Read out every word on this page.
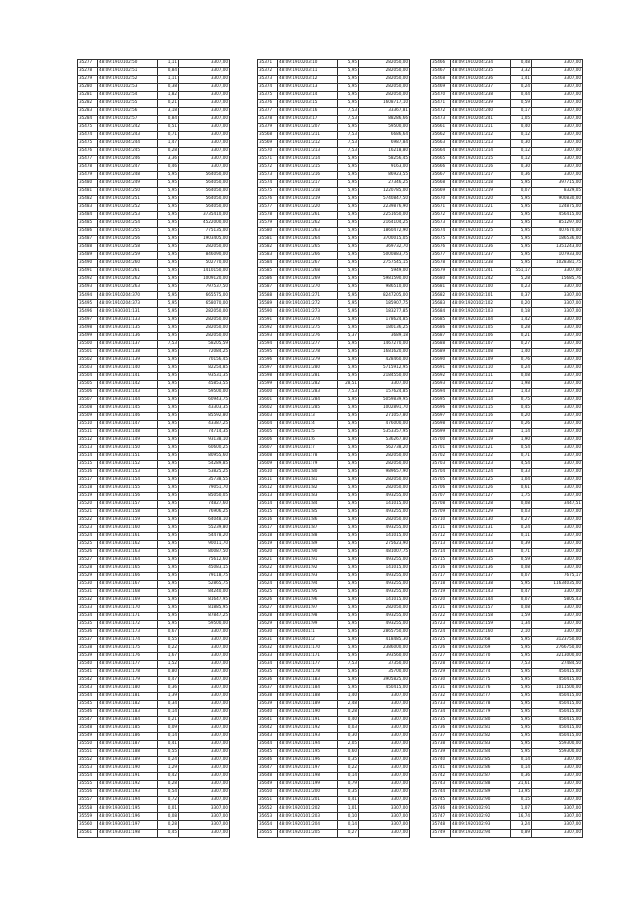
35277	48:09:1910102:50	1,11	3307,00
35278	48:09:1910102:51	0,84	3307,00
35279	48:09:1910102:52	1,11	3307,00
35280	48:09:1910102:53	0,38	3307,00
35281	48:09:1910102:54	1,82	3307,00
35282	48:09:1910102:55	0,21	3307,00
35283	48:09:1910102:56	3,18	3307,00
35284	48:09:1910102:57	0,84	3307,00
35475	48:09:1910204:242	0,51	3307,00
35474	48:09:1910204:243	0,71	3307,00
35475	48:09:1910204:244	1,47	3307,00
35476	48:09:1910204:245	0,28	3307,00
35477	48:09:1910204:246	3,36	3307,00
35478	48:09:1910204:247	0,46	3307,00
35479	48:09:1910204:248	5,95	564050,00
35480	48:09:1910204:249	5,95	564050,00
35481	48:09:1910204:250	5,95	564050,00
35482	48:09:1910204:251	5,95	564050,00
35483	48:09:1910204:252	5,95	564050,00
35484	48:09:1910204:253	5,95	3735410,00
35485	48:09:1910204:254	5,95	4522000,00
35486	48:09:1910204:255	5,95	775135,00
35487	48:09:1910204:256	5,95	1903405,00
35488	48:09:1910204:258	5,95	282050,00
35489	48:09:1910204:259	5,95	846090,00
35490	48:09:1910204:260	5,95	502770,00
35491	48:09:1910204:261	5,95	1410150,00
35492	48:09:1910204:262	5,95	1009120,00
35493	48:09:1910204:263	5,95	797537,50
35494	48:09:1910204:370	5,95	665575,00
35495	48:09:1910204:373	5,95	658070,00
35496	48:09:1930301:131	5,95	282050,00
35497	48:09:1930301:133	5,95	282050,00
35498	48:09:1930301:135	5,95	282050,00
35499	48:09:1930301:136	5,95	282050,00
35500	48:09:1930301:137	7,53	58205,59
35501	48:09:1930301:138	5,95	72084,25
35502	48:09:1930301:139	5,95	70156,45
35503	48:09:1930301:140	5,95	82254,85
35504	48:09:1930301:141	5,95	93531,35
35505	48:09:1930301:142	5,95	45853,55
35506	48:09:1930301:143	5,95	59500,00
35507	48:09:1930301:144	5,95	60943,75
35508	48:09:1930301:145	5,95	43303,35
35509	48:09:1930301:146	5,95	85592,80
35510	48:09:1930301:147	5,95	43387,25
35511	48:09:1930301:148	5,95	74714,35
35512	48:09:1930301:149	5,95	93138,10
35513	48:09:1930301:150	5,95	60600,25
35514	48:09:1930301:151	5,95	80955,60
35515	48:09:1930301:152	5,95	54289,85
35516	48:09:1930301:153	5,95	53825,25
35517	48:09:1930301:154	5,95	35738,55
35518	48:09:1930301:155	5,95	79051,70
35519	48:09:1930301:156	5,95	85050,05
35520	48:09:1930301:157	5,95	74827,60
35521	48:09:1930301:158	5,95	76906,25
35522	48:09:1930301:159	5,95	64048,10
35523	48:09:1930301:160	5,95	55239,80
35524	48:09:1930301:161	5,95	54478,20
35525	48:09:1930301:162	5,95	90011,70
35526	48:09:1930301:163	5,95	80087,50
35527	48:09:1930301:164	5,95	75612,60
35528	48:09:1930301:165	5,95	45083,15
35529	48:09:1930301:166	5,95	79118,75
35530	48:09:1930301:167	5,95	52865,75
35531	48:09:1930301:168	5,95	84240,00
35532	48:09:1930301:169	5,95	81647,95
35533	48:09:1930301:170	5,95	81885,95
35534	48:09:1930301:171	5,95	87847,25
35535	48:09:1930301:172	5,95	59500,00
35536	48:09:1930301:173	0,67	3307,00
35537	48:09:1930301:174	0,55	3307,00
35538	48:09:1930301:175	0,22	3307,00
35539	48:09:1930301:176	1,67	3307,00
35540	48:09:1930301:177	1,52	3307,00
35541	48:09:1930301:178	0,80	3307,00
35542	48:09:1930301:179	0,47	3307,00
35543	48:09:1930301:180	0,36	3307,00
35544	48:09:1930301:181	1,39	3307,00
35545	48:09:1930301:182	0,34	3307,00
35546	48:09:1930301:183	0,14	3307,00
35547	48:09:1930301:184	0,21	3307,00
35548	48:09:1930301:185	0,09	3307,00
35549	48:09:1930301:186	0,14	3307,00
35550	48:09:1930301:187	0,41	3307,00
35551	48:09:1930301:188	0,55	3307,00
35552	48:09:1930301:189	0,24	3307,00
35553	48:09:1930301:190	1,29	3307,00
35554	48:09:1930301:191	0,42	3307,00
35555	48:09:1930301:192	0,28	3307,00
35556	48:09:1930301:193	0,54	3307,00
35557	48:09:1930301:194	0,72	3307,00
35558	48:09:1930301:195	0,01	3307,00
35559	48:09:1930301:196	0,08	3307,00
35560	48:09:1930301:197	0,28	3307,00
35561	48:09:1930301:198	0,45	3307,00
35371	48:09:1910203:10	5,95	282050,00
35372	48:09:1910203:11	5,95	282050,00
35373	48:09:1910203:12	5,95	282050,00
35374	48:09:1910203:13	5,95	282050,00
35375	48:09:1910203:14	5,95	282050,00
35376	48:09:1910203:15	5,95	1608717,10
35377	48:09:1910203:16	7,53	33367,81
35378	48:09:1910203:17	7,53	88286,66
35379	48:09:1910301:207	5,95	59500,00
35568	48:09:1910301:211	7,53	6686,64
35569	48:09:1910301:212	7,53	6987,84
35570	48:09:1910301:213	7,53	16218,80
35571	48:09:1910301:214	5,95	58256,45
35572	48:09:1910301:215	5,95	9163,00
35573	48:09:1910301:216	5,95	86923,55
35574	48:09:1910301:217	5,95	27346,25
35575	48:09:1910301:218	5,95	1220785,00
35576	48:09:1910301:219	5,95	5740847,50
35577	48:09:1910301:220	5,95	2239876,90
35578	48:09:1910301:261	5,95	2251650,00
35579	48:09:1910301:262	5,95	2164104,25
35580	48:09:1910301:263	5,95	1860472,90
35581	48:09:1910301:264	5,95	3700015,05
35582	48:09:1910301:265	5,95	369732,70
35583	48:09:1910301:266	5,95	5000883,75
35584	48:09:1910301:267	5,95	2757545,15
35585	48:09:1910301:268	5,95	5949,00
35586	48:09:1910301:269	5,95	5981590,00
35587	48:09:1910301:270	5,95	986510,00
35588	48:09:1910301:271	5,95	8247205,00
35589	48:09:1910301:272	5,95	185907,75
35590	48:09:1910301:273	5,95	183277,85
35591	48:09:1910301:274	5,95	178624,85
35592	48:09:1910301:275	5,95	180136,25
35593	48:09:1910301:276	5,37	3689,18
35594	48:09:1910301:277	5,95	1467270,00
35595	48:09:1910301:278	5,95	1681620,00
35596	48:09:1910301:279	5,95	428460,00
35597	48:09:1910301:280	5,95	5715912,95
35598	48:09:1910301:281	5,95	2184550,00
35599	48:09:1910301:282	28,51	3307,00
35600	48:09:1910301:283	7,53	157624,85
35601	48:09:1910301:284	5,95	5059839,95
35602	48:09:1910301:285	5,95	1002891,70
35603	48:09:1910301:3	5,95	271057,80
35604	48:09:1910301:4	5,95	476000,00
35605	48:09:1910301:5	5,95	5353357,95
35606	48:09:1910301:6	5,95	536267,80
35607	48:09:1910301:7	5,95	562738,20
35608	48:09:1910301:78	5,95	282050,00
35609	48:09:1910301:79	5,95	282050,00
35610	48:09:1910301:80	5,95	989657,90
35611	48:09:1910301:81	5,95	282050,00
35612	48:09:1910301:82	5,95	282050,00
35613	48:09:1910301:83	5,95	493255,00
35614	48:09:1910301:84	5,95	141015,00
35615	48:09:1910301:85	5,95	493255,00
35616	48:09:1910301:86	5,95	282050,00
35617	48:09:1910301:87	5,95	493255,00
35618	48:09:1910301:88	5,95	141015,00
35619	48:09:1910301:89	5,95	275623,90
35620	48:09:1910301:90	5,95	481007,75
35621	48:09:1910301:91	5,95	493255,00
35622	48:09:1910301:92	5,95	141015,00
35623	48:09:1910301:93	5,95	493255,00
35624	48:09:1910301:94	5,95	493255,00
35625	48:09:1910301:95	5,95	493255,00
35626	48:09:1910301:96	5,95	141015,00
35627	48:09:1910301:97	5,95	282050,00
35628	48:09:1910301:98	5,95	493255,00
35629	48:09:1910301:99	5,95	493255,00
35630	48:09:1910401:1	5,95	2865750,00
35631	48:09:1910401:2	5,95	418485,30
35632	48:09:1920101:170	5,95	2386000,00
35633	48:09:1920101:171	5,95	393560,00
35634	48:09:1920101:177	7,53	37350,00
35635	48:09:1920101:178	5,95	35700,00
35636	48:09:1920101:183	5,95	3905825,00
35637	48:09:1920101:184	5,95	450415,00
35638	48:09:1920101:188	1,40	3307,00
35639	48:09:1920101:189	2,48	3307,00
35640	48:09:1920101:190	0,28	3307,00
35641	48:09:1920101:191	0,40	3307,00
35642	48:09:1920101:192	0,03	3307,00
35643	48:09:1920101:193	0,30	3307,00
35644	48:09:1920101:194	2,05	3307,00
35645	48:09:1920101:195	0,60	3307,00
35646	48:09:1920101:196	0,35	3307,00
35647	48:09:1920101:197	0,22	3307,00
35648	48:09:1920101:198	0,14	3307,00
35649	48:09:1920101:199	0,79	3307,00
35650	48:09:1920101:200	0,35	3307,00
35651	48:09:1920101:201	0,41	3307,00
35652	48:09:1920101:202	1,01	3307,00
35653	48:09:1920101:203	0,10	3307,00
35654	48:09:1920101:204	0,14	3307,00
35655	48:09:1920101:205	0,27	3307,00
35466	48:09:1910204:234	0,48	3307,00
35467	48:09:1910204:235	3,32	3307,00
35468	48:09:1910204:236	1,41	3307,00
35469	48:09:1910204:237	0,24	3307,00
35470	48:09:1910204:238	0,44	3307,00
35471	48:09:1910204:239	0,59	3307,00
35472	48:09:1910204:240	0,17	3307,00
35473	48:09:1910204:241	1,05	3307,00
35661	48:09:1920101:211	0,40	3307,00
35662	48:09:1920101:212	0,12	3307,00
35663	48:09:1920101:213	0,30	3307,00
35664	48:09:1920101:214	0,12	3307,00
35665	48:09:1920101:215	0,12	3307,00
35666	48:09:1920101:216	0,30	3307,00
35667	48:09:1920101:217	0,36	3307,00
35668	48:09:1920101:218	5,95	397715,00
35669	48:09:1920101:219	0,07	8329,05
35670	48:09:1920101:220	5,95	900830,00
35671	48:09:1920101:221	5,95	124875,00
35672	48:09:1920101:222	5,95	456415,00
35673	48:09:1920101:223	5,95	851297,00
35674	48:09:1920101:225	5,95	407670,00
35675	48:09:1920101:227	5,95	186536,00
35676	48:09:1920101:236	5,95	1351243,00
35677	48:09:1920101:237	5,95	107933,00
35678	48:09:1920101:238	5,95	1028381,75
35679	48:09:1920101:241	551,17	3307,00
35680	48:09:1920101:242	5,28	15685,76
35681	48:09:1920102:100	0,23	3307,00
35682	48:09:1920102:101	0,37	3307,00
35683	48:09:1920102:102	0,20	3307,00
35684	48:09:1920102:103	0,18	3307,00
35685	48:09:1920102:104	1,42	3307,00
35686	48:09:1920102:105	0,28	3307,00
35687	48:09:1920102:106	0,21	3307,00
35688	48:09:1920102:107	0,27	3307,00
35689	48:09:1920102:108	1,40	3307,00
35690	48:09:1920102:109	0,76	3307,00
35691	48:09:1920102:110	0,24	3307,00
35692	48:09:1920102:111	0,08	3307,00
35693	48:09:1920102:112	1,98	3307,00
35694	48:09:1920102:113	1,43	3307,00
35695	48:09:1920102:114	0,75	3307,00
35696	48:09:1920102:115	0,45	3307,00
35697	48:09:1920102:116	0,20	3307,00
35698	48:09:1920102:117	0,26	3307,00
35699	48:09:1920102:118	1,14	3307,00
35700	48:09:1920102:119	1,90	3307,00
35701	48:09:1920102:121	0,54	3307,00
35702	48:09:1920102:122	0,71	3307,00
35703	48:09:1920102:123	4,54	3307,00
35704	48:09:1920102:124	0,33	3307,00
35705	48:09:1920102:125	1,04	3307,00
35706	48:09:1920102:126	0,61	3307,00
35707	48:09:1920102:127	1,75	3307,00
35708	48:09:1920102:128	0,08	3447,51
35709	48:09:1920102:129	0,03	3307,00
35710	48:09:1920102:130	0,27	3307,00
35711	48:09:1920102:131	0,24	3307,00
35712	48:09:1920102:132	0,11	3307,00
35713	48:09:1920102:133	0,39	3307,00
35714	48:09:1920102:134	0,71	3307,00
35715	48:09:1920102:135	0,59	3307,00
35716	48:09:1920102:136	0,08	3307,00
35717	48:09:1920102:137	0,07	7675,17
35718	48:09:1920102:138	5,95	11634035,00
35719	48:09:1920102:143	0,47	3307,00
35720	48:09:1920102:144	0,07	5805,43
35721	48:09:1920102:157	0,08	3307,00
35722	48:09:1920102:158	1,59	3307,00
35723	48:09:1920102:159	1,34	3307,00
35724	48:09:1920102:160	2,10	3307,00
35725	48:09:1920102:68	5,95	3123750,00
35726	48:09:1920102:69	5,95	2766750,00
35727	48:09:1920102:70	5,95	3213000,00
35728	48:09:1920102:73	7,53	27484,50
35729	48:09:1920102:74	5,95	450415,00
35730	48:09:1920102:75	5,95	450415,00
35731	48:09:1920102:76	5,95	1011500,00
35732	48:09:1920102:77	5,95	450415,00
35733	48:09:1920102:78	5,95	450415,00
35734	48:09:1920102:79	5,95	450415,00
35735	48:09:1920102:80	5,95	450415,00
35736	48:09:1920102:81	5,95	450415,00
35737	48:09:1920102:82	5,95	450415,00
35738	48:09:1920102:83	5,95	559300,00
35739	48:09:1920102:84	5,95	559300,00
35740	48:09:1920102:85	0,14	3307,00
35741	48:09:1920102:86	0,14	3307,00
35742	48:09:1920102:87	0,36	3307,00
35743	48:09:1920102:88	21,61	3307,00
35744	48:09:1920102:89	13,95	3307,00
35745	48:09:1920102:90	0,15	3307,00
35746	48:09:1920102:91	1,07	3307,00
35747	48:09:1920102:92	16,74	3307,00
35748	48:09:1920102:93	3,24	3307,00
35749	48:09:1920102:94	0,89	3307,00
